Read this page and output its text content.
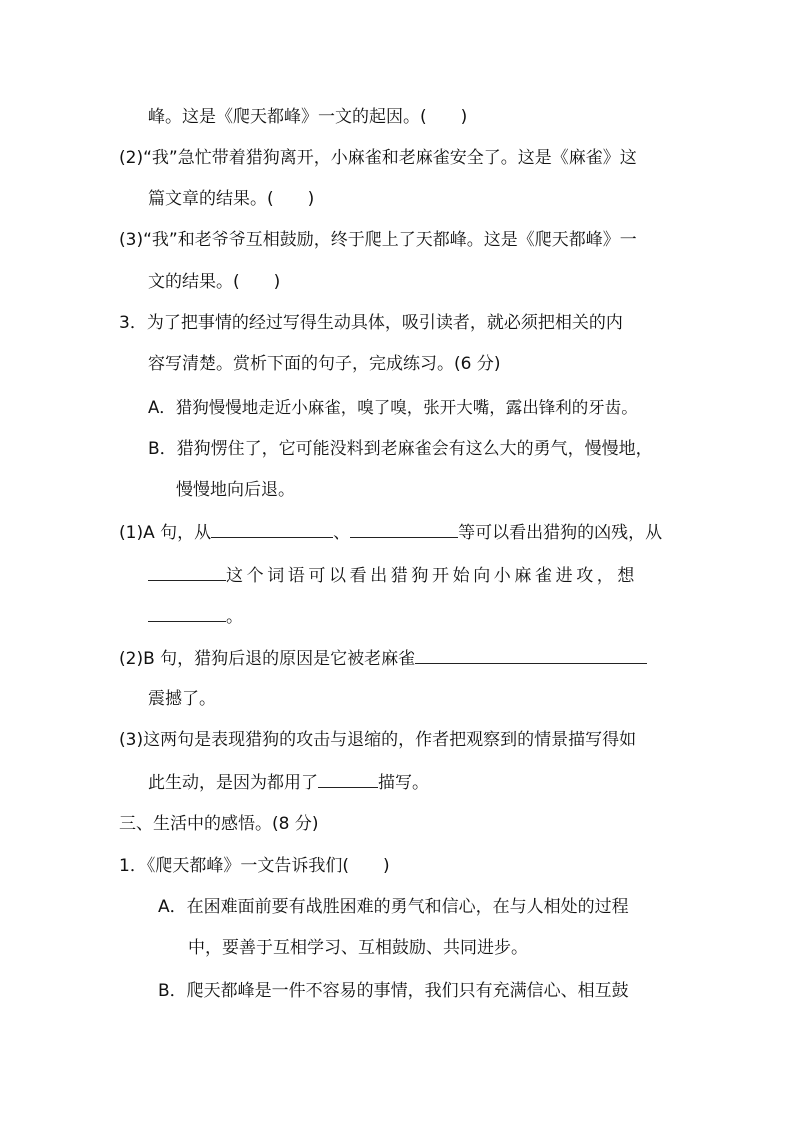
峰。这是《爬天都峰》一文的起因。(　　)
(2)“我”急忙带着猎狗离开，小麻雀和老麻雀安全了。这是《麻雀》这
篇文章的结果。(　　)
(3)“我”和老爷爷互相鼓励，终于爬上了天都峰。这是《爬天都峰》一
文的结果。(　　)
3．为了把事情的经过写得生动具体，吸引读者，就必须把相关的内
容写清楚。赏析下面的句子，完成练习。(6 分)
A．猎狗慢慢地走近小麻雀，嗅了嗅，张开大嘴，露出锋利的牙齿。
B．猎狗愣住了，它可能没料到老麻雀会有这么大的勇气，慢慢地，
慢慢地向后退。
(1)A 句，从	、	等可以看出猎狗的凶残，从
这个词语可以看出猎狗开始向小麻雀进攻，想
。
(2)B 句，猎狗后退的原因是它被老麻雀
震撼了。
(3)这两句是表现猎狗的攻击与退缩的，作者把观察到的情景描写得如
此生动，是因为都用了	描写。
三、生活中的感悟。(8 分)
1．《爬天都峰》一文告诉我们(　　)
A．在困难面前要有战胜困难的勇气和信心，在与人相处的过程
中，要善于互相学习、互相鼓励、共同进步。
B．爬天都峰是一件不容易的事情，我们只有充满信心、相互鼓
